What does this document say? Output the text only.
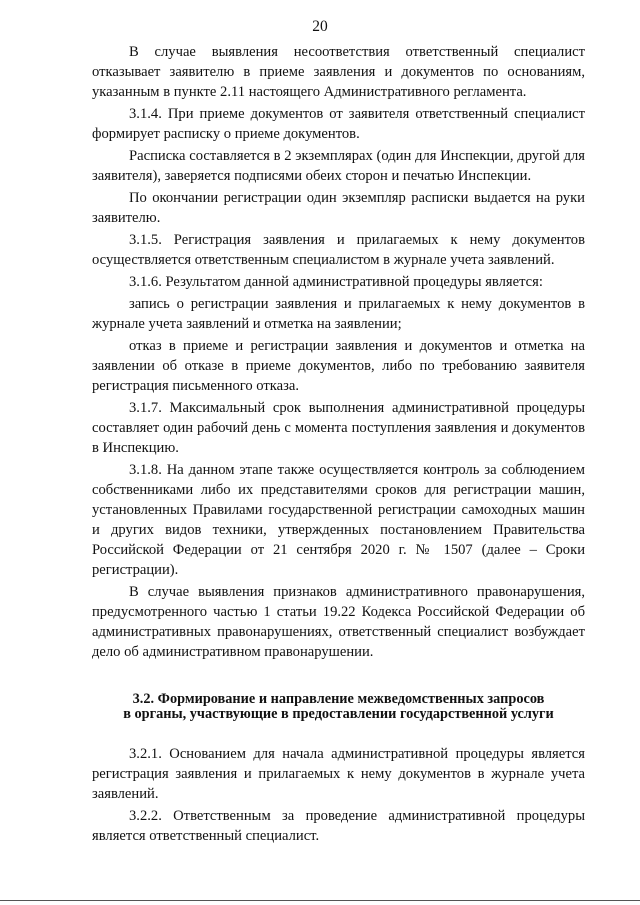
20

В случае выявления несоответствия ответственный специалист отказывает заявителю в приеме заявления и документов по основаниям, указанным в пункте 2.11 настоящего Административного регламента.

3.1.4. При приеме документов от заявителя ответственный специалист формирует расписку о приеме документов.

Расписка составляется в 2 экземплярах (один для Инспекции, другой для заявителя), заверяется подписями обеих сторон и печатью Инспекции.

По окончании регистрации один экземпляр расписки выдается на руки заявителю.

3.1.5. Регистрация заявления и прилагаемых к нему документов осуществляется ответственным специалистом в журнале учета заявлений.

3.1.6. Результатом данной административной процедуры является:

запись о регистрации заявления и прилагаемых к нему документов в журнале учета заявлений и отметка на заявлении;

отказ в приеме и регистрации заявления и документов и отметка на заявлении об отказе в приеме документов, либо по требованию заявителя регистрация письменного отказа.

3.1.7. Максимальный срок выполнения административной процедуры составляет один рабочий день с момента поступления заявления и документов в Инспекцию.

3.1.8. На данном этапе также осуществляется контроль за соблюдением собственниками либо их представителями сроков для регистрации машин, установленных Правилами государственной регистрации самоходных машин и других видов техники, утвержденных постановлением Правительства Российской Федерации от 21 сентября 2020 г. № 1507 (далее – Сроки регистрации).

В случае выявления признаков административного правонарушения, предусмотренного частью 1 статьи 19.22 Кодекса Российской Федерации об административных правонарушениях, ответственный специалист возбуждает дело об административном правонарушении.

3.2. Формирование и направление межведомственных запросов
в органы, участвующие в предоставлении государственной услуги

3.2.1. Основанием для начала административной процедуры является регистрация заявления и прилагаемых к нему документов в журнале учета заявлений.

3.2.2. Ответственным за проведение административной процедуры является ответственный специалист.
